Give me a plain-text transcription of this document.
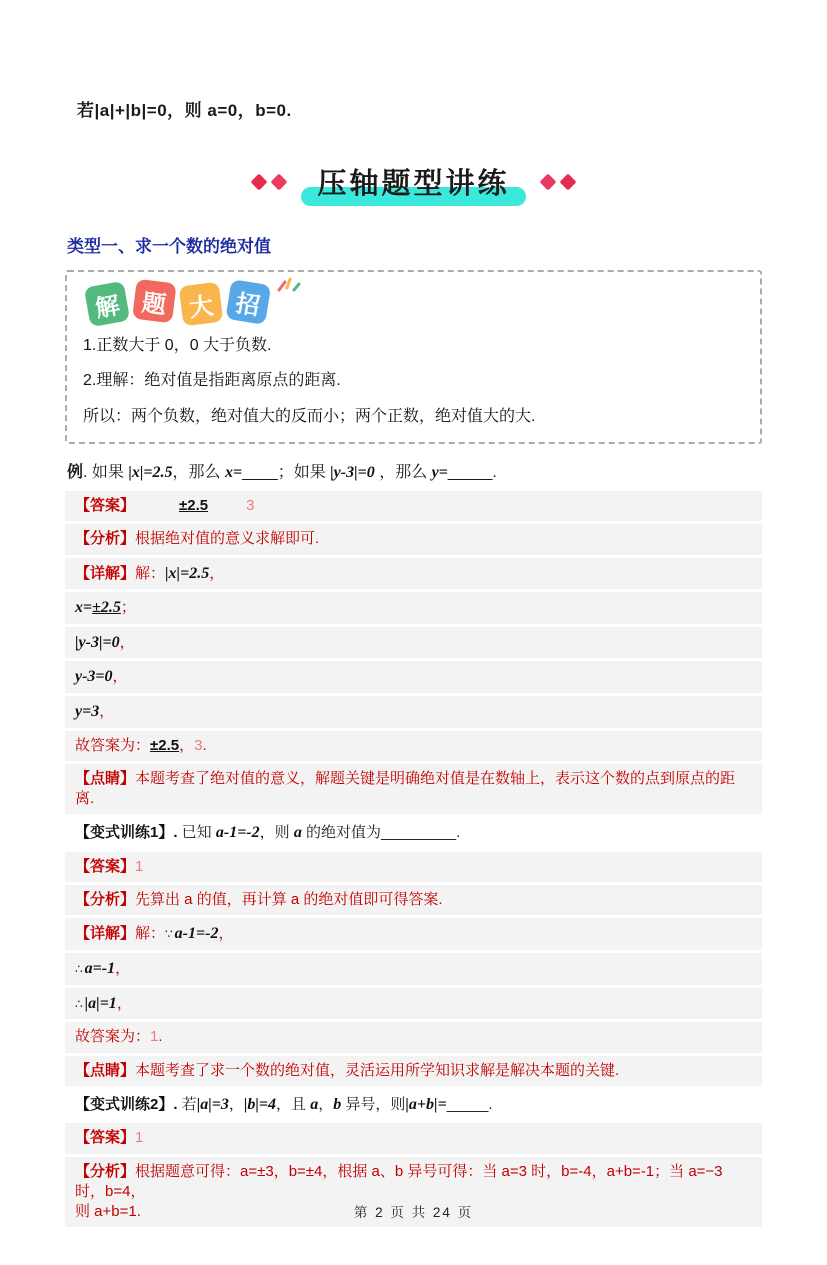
若|a|+|b|=0，则 a=0，b=0.

压轴题型讲练
类型一、求一个数的绝对值
解 题 大 招

1.正数大于 0，0 大于负数.

2.理解：绝对值是指距离原点的距离.

所以：两个负数，绝对值大的反而小；两个正数，绝对值大的大.

例. 如果 |x|=2.5，那么 x=____；如果 |y-3|=0 ，那么 y=_____.

【答案】	±2.5	3
【分析】根据绝对值的意义求解即可.
【详解】解：|x|=2.5，
x=±2.5；
|y-3|=0，
y-3=0，
y=3，
故答案为：±2.5，3.
【点睛】本题考查了绝对值的意义，解题关键是明确绝对值是在数轴上，表示这个数的点到原点的距离.
【变式训练1】. 已知 a-1=-2，则 a 的绝对值为_________.
【答案】1
【分析】先算出 a 的值，再计算 a 的绝对值即可得答案.
【详解】解：∵ a-1=-2，
∴ a=-1，
∴ |a|=1，
故答案为：1.
【点睛】本题考查了求一个数的绝对值，灵活运用所学知识求解是解决本题的关键.
【变式训练2】. 若|a|=3，|b|=4，且 a，b 异号，则|a+b|=_____.
【答案】1
【分析】根据题意可得：a=±3，b=±4，根据 a、b 异号可得：当 a=3 时，b=-4，a+b=-1；当 a=−3 时，b=4，
则 a+b=1.	第 2 页 共 24 页
